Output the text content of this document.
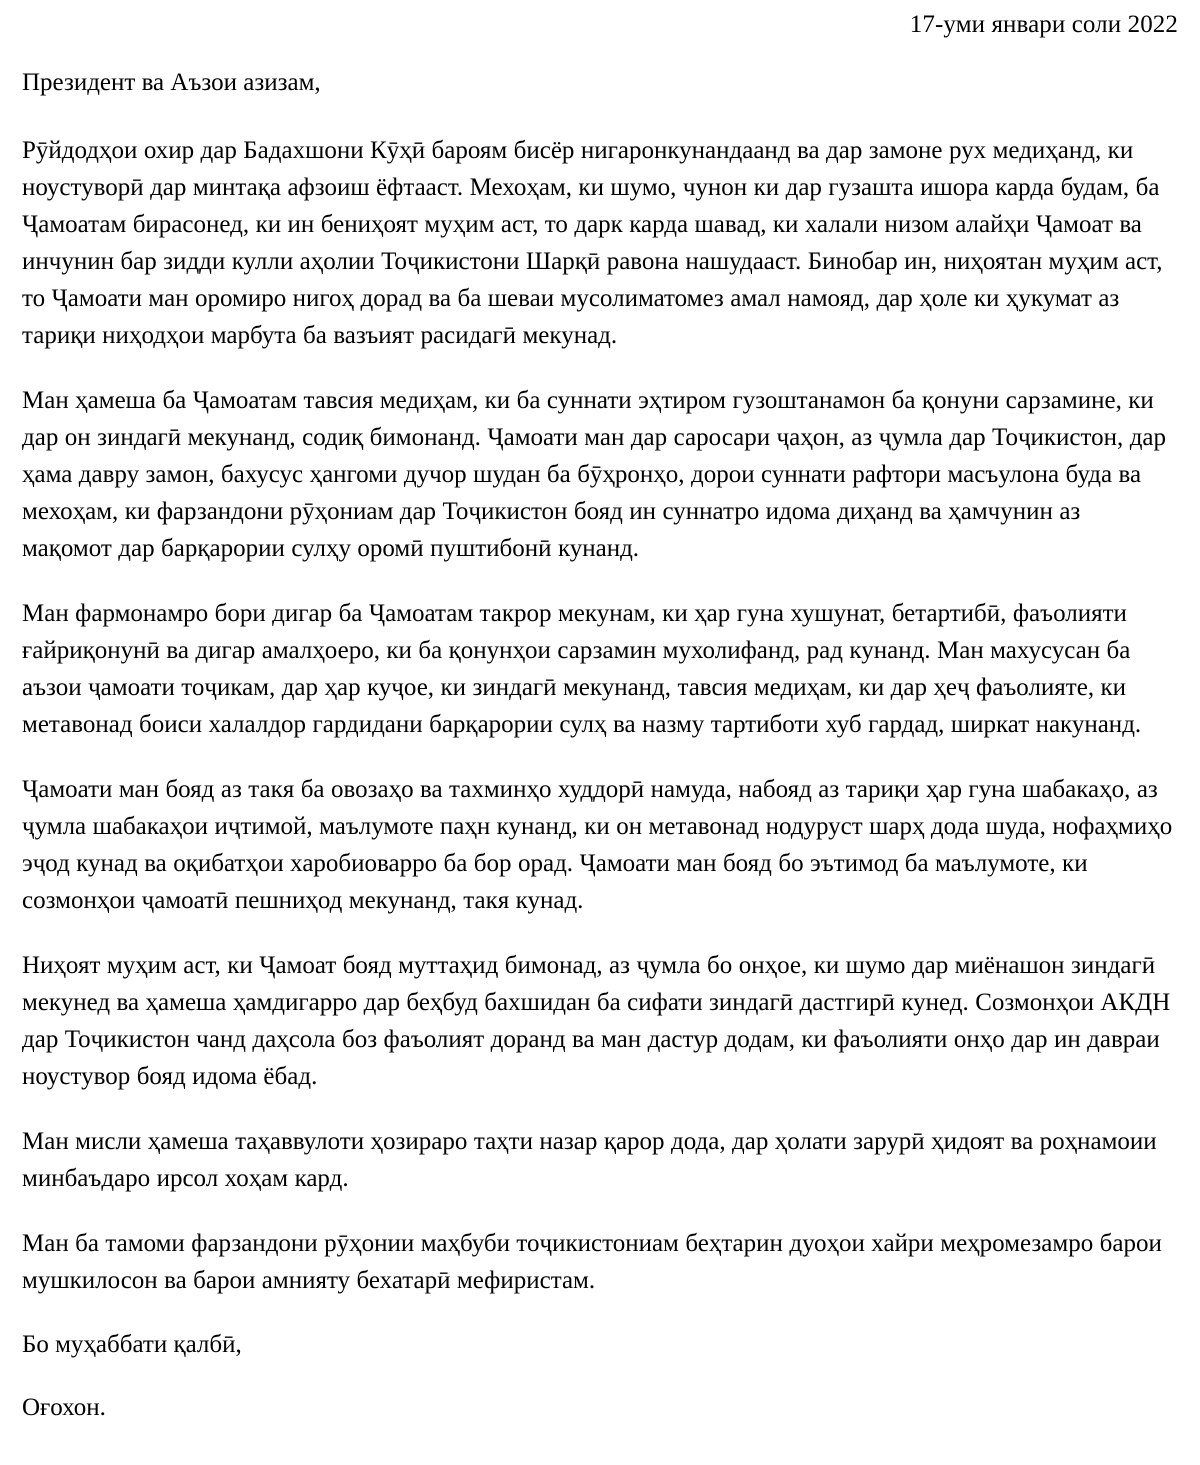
17-уми январи соли 2022

Президент ва Аъзои азизам,

Рӯйдодҳои охир дар Бадахшони Кӯҳӣ бароям бисёр нигаронкунандаанд ва дар замоне рух медиҳанд, ки ноустуворӣ дар минтақа афзоиш ёфтааст. Мехоҳам, ки шумо, чунон ки дар гузашта ишора карда будам, ба Ҷамоатам бирасонед, ки ин бениҳоят муҳим аст, то дарк карда шавад, ки халали низом алайҳи Ҷамоат ва инчунин бар зидди кулли аҳолии Тоҷикистони Шарқӣ равона нашудааст. Бинобар ин, ниҳоятан муҳим аст, то Ҷамоати ман оромиро нигоҳ дорад ва ба шеваи мусолиматомез амал намояд, дар ҳоле ки ҳукумат аз тариқи ниҳодҳои марбута ба вазъият расидагӣ мекунад.

Ман ҳамеша ба Ҷамоатам тавсия медиҳам, ки ба суннати эҳтиром гузоштанамон ба қонуни сарзамине, ки дар он зиндагӣ мекунанд, содиқ бимонанд. Ҷамоати ман дар саросари ҷаҳон, аз ҷумла дар Тоҷикистон, дар ҳама давру замон, бахусус ҳангоми дучор шудан ба бӯҳронҳо, дорои суннати рафтори масъулона буда ва мехоҳам, ки фарзандони рӯҳониам дар Тоҷикистон бояд ин суннатро идома диҳанд ва ҳамчунин аз мақомот дар барқарории сулҳу оромӣ пуштибонӣ кунанд.

Ман фармонамро бори дигар ба Ҷамоатам такрор мекунам, ки ҳар гуна хушунат, бетартибӣ, фаъолияти ғайриқонунӣ ва дигар амалҳоеро, ки ба қонунҳои сарзамин мухолифанд, рад кунанд. Ман махусусан ба аъзои ҷамоати тоҷикам, дар ҳар куҷое, ки зиндагӣ мекунанд, тавсия медиҳам, ки дар ҳеҷ фаъолияте, ки метавонад боиси халалдор гардидани барқарории сулҳ ва назму тартиботи хуб гардад, ширкат накунанд.

Ҷамоати ман бояд аз такя ба овозаҳо ва тахминҳо худдорӣ намуда, набояд аз тариқи ҳар гуна шабакаҳо, аз ҷумла шабакаҳои иҷтимой, маълумоте паҳн кунанд, ки он метавонад нодуруст шарҳ дода шуда, нофаҳмиҳо эҷод кунад ва оқибатҳои харобиоварро ба бор орад. Ҷамоати ман бояд бо эътимод ба маълумоте, ки созмонҳои ҷамоатӣ пешниҳод мекунанд, такя кунад.

Ниҳоят муҳим аст, ки Ҷамоат бояд муттаҳид бимонад, аз ҷумла бо онҳое, ки шумо дар миёнашон зиндагӣ мекунед ва ҳамеша ҳамдигарро дар беҳбуд бахшидан ба сифати зиндагӣ дастгирӣ кунед. Созмонҳои АКДН дар Тоҷикистон чанд даҳсола боз фаъолият доранд ва ман дастур додам, ки фаъолияти онҳо дар ин давраи ноустувор бояд идома ёбад.

Ман мисли ҳамеша таҳаввулоти ҳозираро таҳти назар қарор дода, дар ҳолати зарурӣ ҳидоят ва роҳнамоии минбаъдаро ирсол хоҳам кард.

Ман ба тамоми фарзандони рӯҳонии маҳбуби тоҷикистониам беҳтарин дуоҳои хайри меҳромезамро барои мушкилосон ва барои амнияту бехатарӣ мефиристам.

Бо муҳаббати қалбӣ,

Оғохон.
